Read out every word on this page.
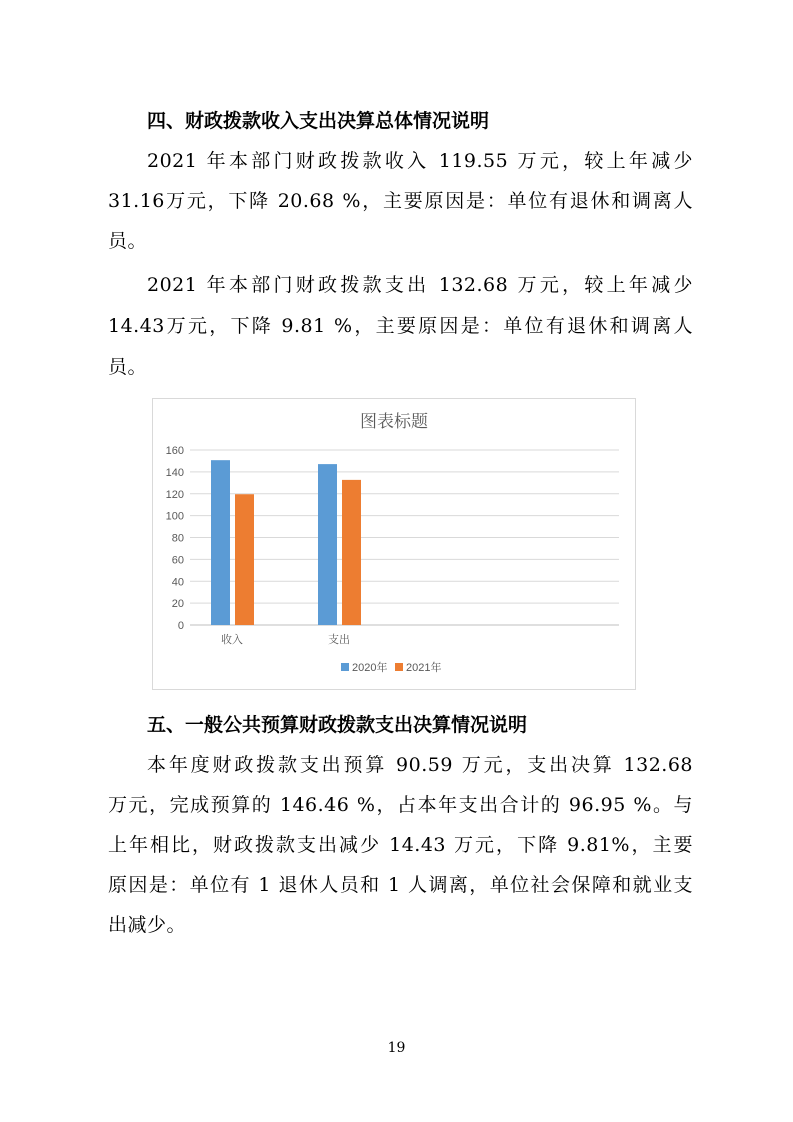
四、财政拨款收入支出决算总体情况说明
2021 年本部门财政拨款收入 119.55 万元，较上年减少
31.16万元，下降 20.68 %，主要原因是：单位有退休和调离人
员。
2021 年本部门财政拨款支出 132.68 万元，较上年减少
14.43万元，下降 9.81 %，主要原因是：单位有退休和调离人
员。
图表标题
0
20
40
60
80
100
120
140
160
收入	支出
2020年 2021年
五、一般公共预算财政拨款支出决算情况说明
本年度财政拨款支出预算 90.59 万元，支出决算 132.68
万元，完成预算的 146.46 %，占本年支出合计的 96.95 %。与
上年相比，财政拨款支出减少 14.43 万元，下降 9.81%，主要
原因是：单位有 1 退休人员和 1 人调离，单位社会保障和就业支
出减少。
19
